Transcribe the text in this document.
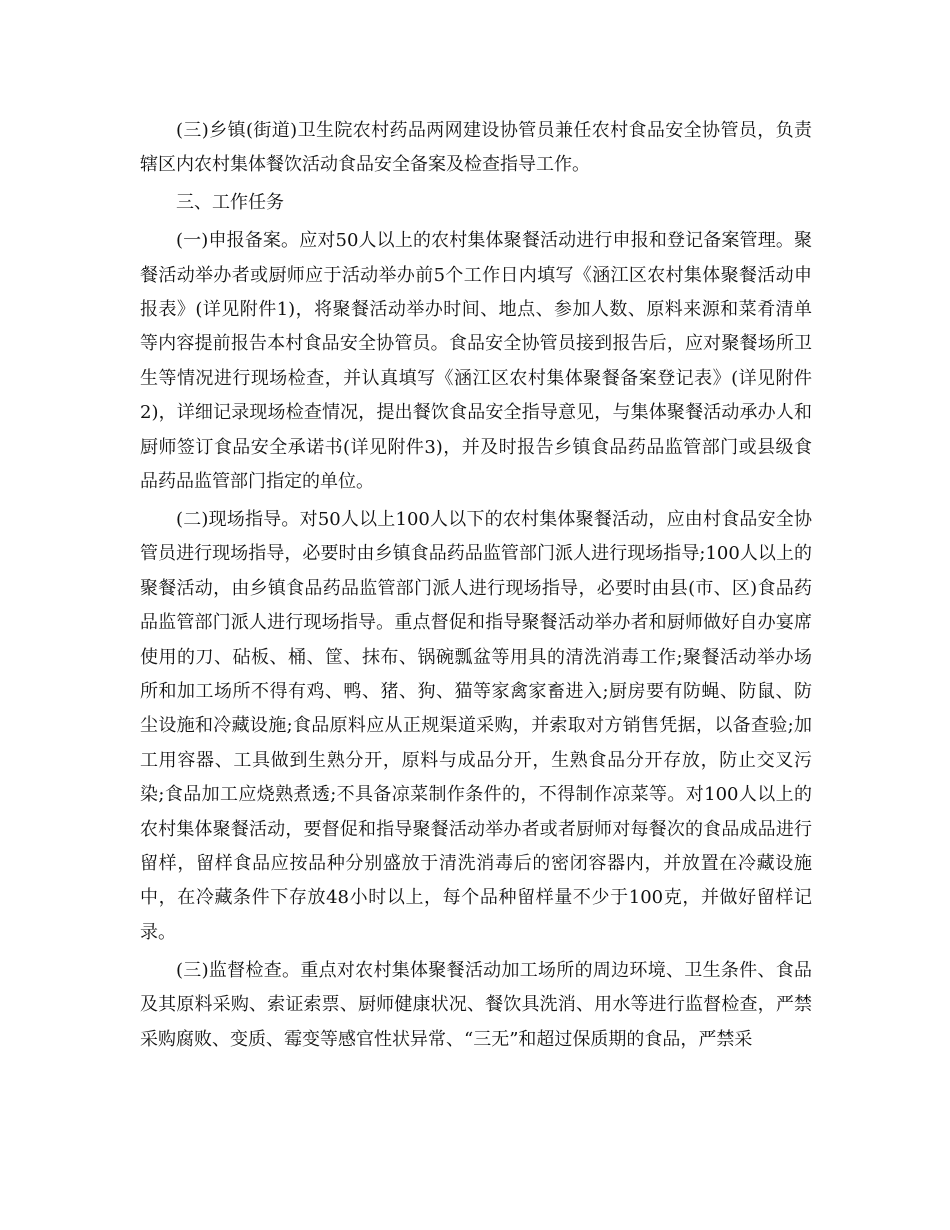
(三)乡镇(街道)卫生院农村药品两网建设协管员兼任农村食品安全协管员，负责辖区内农村集体餐饮活动食品安全备案及检查指导工作。

三、工作任务

(一)申报备案。应对50人以上的农村集体聚餐活动进行申报和登记备案管理。聚餐活动举办者或厨师应于活动举办前5个工作日内填写《涵江区农村集体聚餐活动申报表》(详见附件1)，将聚餐活动举办时间、地点、参加人数、原料来源和菜肴清单等内容提前报告本村食品安全协管员。食品安全协管员接到报告后，应对聚餐场所卫生等情况进行现场检查，并认真填写《涵江区农村集体聚餐备案登记表》(详见附件2)，详细记录现场检查情况，提出餐饮食品安全指导意见，与集体聚餐活动承办人和厨师签订食品安全承诺书(详见附件3)，并及时报告乡镇食品药品监管部门或县级食品药品监管部门指定的单位。

(二)现场指导。对50人以上100人以下的农村集体聚餐活动，应由村食品安全协管员进行现场指导，必要时由乡镇食品药品监管部门派人进行现场指导;100人以上的聚餐活动，由乡镇食品药品监管部门派人进行现场指导，必要时由县(市、区)食品药品监管部门派人进行现场指导。重点督促和指导聚餐活动举办者和厨师做好自办宴席使用的刀、砧板、桶、筐、抹布、锅碗瓢盆等用具的清洗消毒工作;聚餐活动举办场所和加工场所不得有鸡、鸭、猪、狗、猫等家禽家畜进入;厨房要有防蝇、防鼠、防尘设施和冷藏设施;食品原料应从正规渠道采购，并索取对方销售凭据，以备查验;加工用容器、工具做到生熟分开，原料与成品分开，生熟食品分开存放，防止交叉污染;食品加工应烧熟煮透;不具备凉菜制作条件的，不得制作凉菜等。对100人以上的农村集体聚餐活动，要督促和指导聚餐活动举办者或者厨师对每餐次的食品成品进行留样，留样食品应按品种分别盛放于清洗消毒后的密闭容器内，并放置在冷藏设施中，在冷藏条件下存放48小时以上，每个品种留样量不少于100克，并做好留样记录。

(三)监督检查。重点对农村集体聚餐活动加工场所的周边环境、卫生条件、食品及其原料采购、索证索票、厨师健康状况、餐饮具洗消、用水等进行监督检查，严禁采购腐败、变质、霉变等感官性状异常、“三无”和超过保质期的食品，严禁采
